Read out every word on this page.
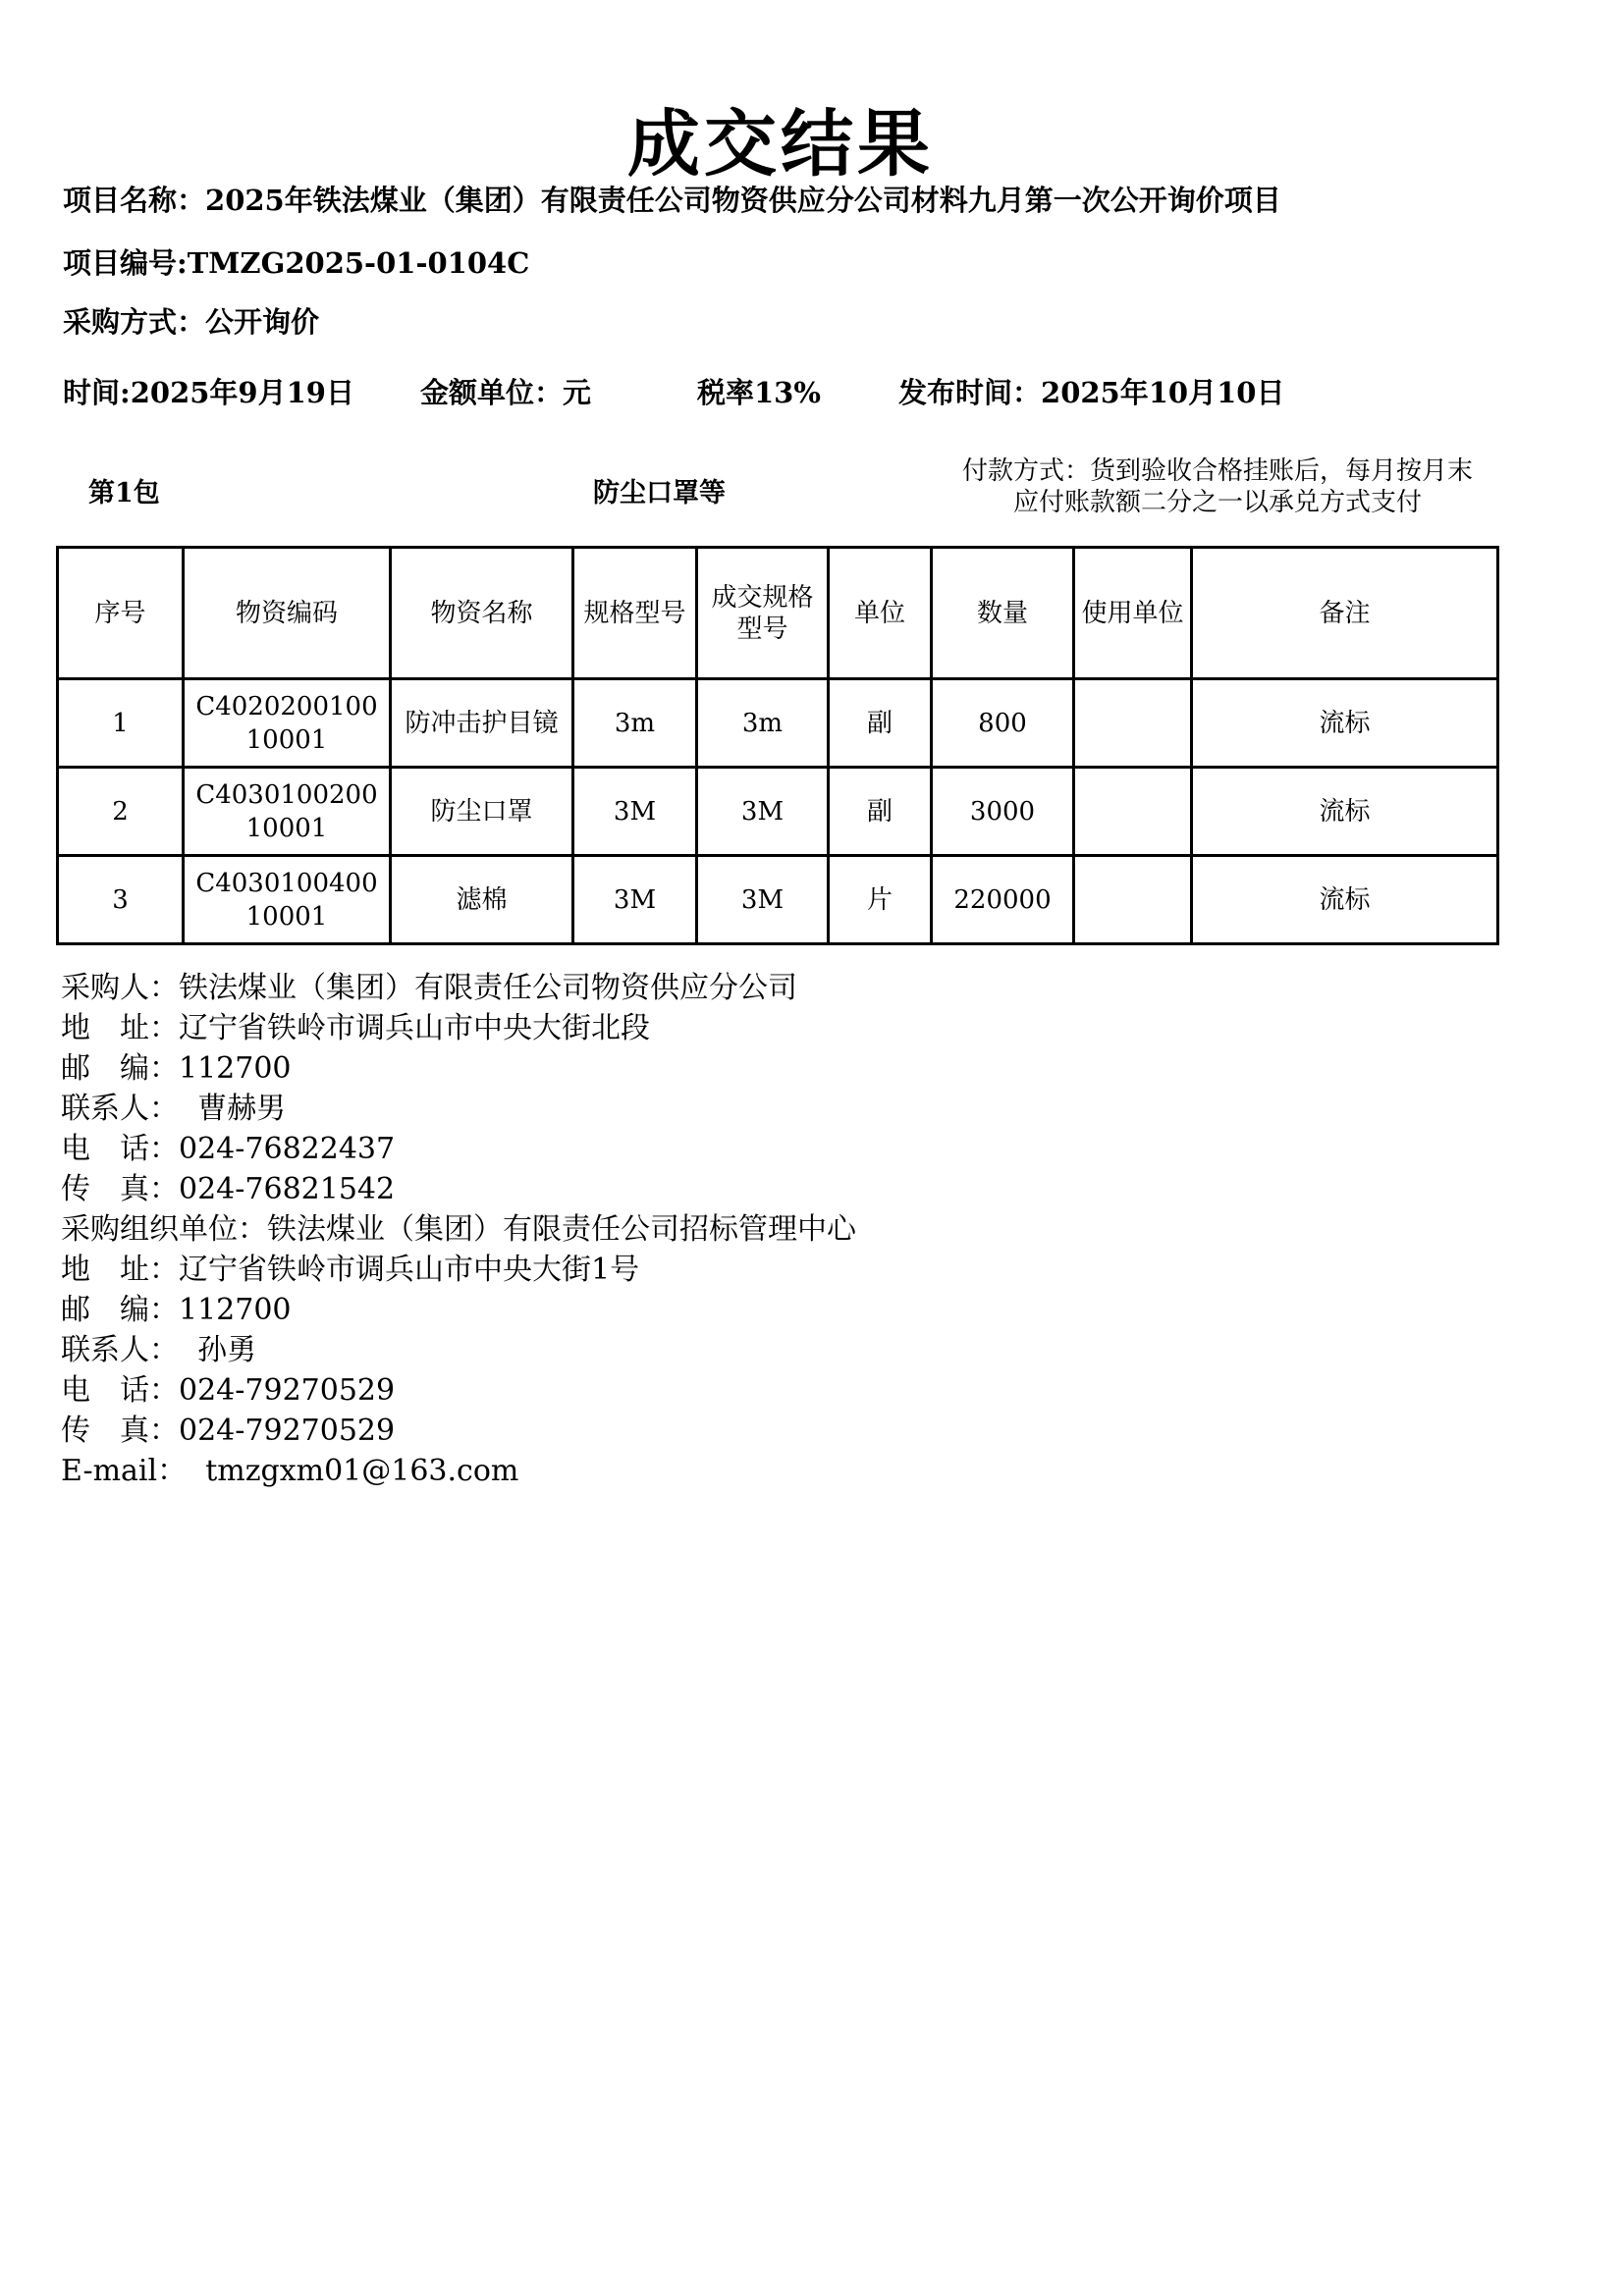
成交结果
项目名称：2025年铁法煤业（集团）有限责任公司物资供应分公司材料九月第一次公开询价项目
项目编号:TMZG2025-01-0104C
采购方式：公开询价
时间:2025年9月19日 金额单位：元	税率13%	发布时间：2025年10月10日
第1包	防尘口罩等
付款方式：货到验收合格挂账后，每月按月末
应付账款额二分之一以承兑方式支付
序号	物资编码	物资名称	规格型号	成交规格型号	单位	数量	使用单位	备注
1	C402020010010001	防冲击护目镜	3m	3m	副	800		流标
2	C403010020010001	防尘口罩	3M	3M	副	3000		流标
3	C403010040010001	滤棉	3M	3M	片	220000		流标
采购人：铁法煤业（集团）有限责任公司物资供应分公司
地　址：辽宁省铁岭市调兵山市中央大街北段
邮　编：112700
联系人： 曹赫男
电　话：024-76822437
传　真：024-76821542
采购组织单位：铁法煤业（集团）有限责任公司招标管理中心
地　址：辽宁省铁岭市调兵山市中央大街1号
邮　编：112700
联系人： 孙勇
电　话：024-79270529
传　真：024-79270529
E-mail： tmzgxm01@163.com
